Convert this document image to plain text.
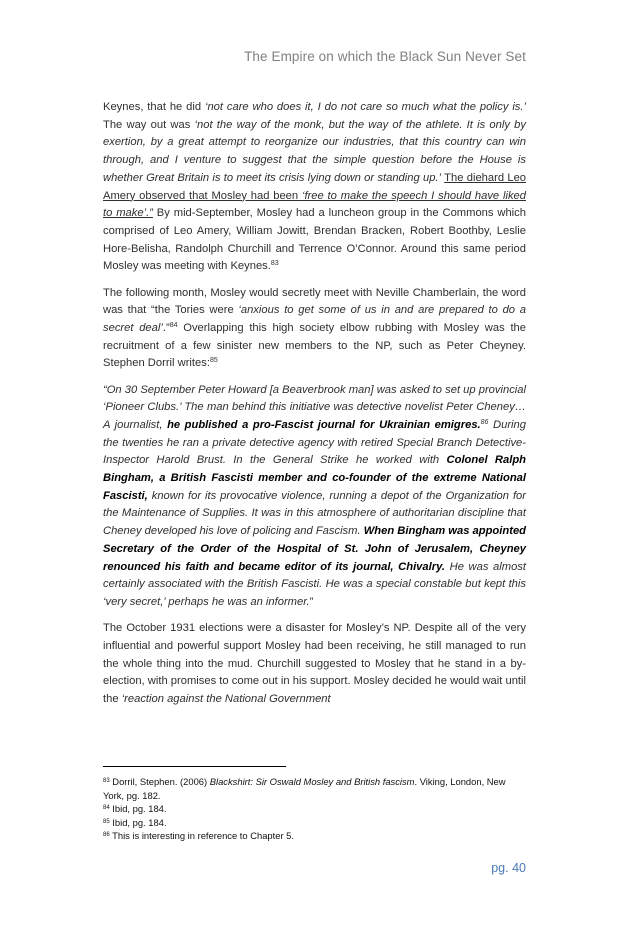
The Empire on which the Black Sun Never Set

Keynes, that he did ‘not care who does it, I do not care so much what the policy is.’ The way out was ‘not the way of the monk, but the way of the athlete. It is only by exertion, by a great attempt to reorganize our industries, that this country can win through, and I venture to suggest that the simple question before the House is whether Great Britain is to meet its crisis lying down or standing up.’ The diehard Leo Amery observed that Mosley had been ‘free to make the speech I should have liked to make’.” By mid-September, Mosley had a luncheon group in the Commons which comprised of Leo Amery, William Jowitt, Brendan Bracken, Robert Boothby, Leslie Hore-Belisha, Randolph Churchill and Terrence O’Connor. Around this same period Mosley was meeting with Keynes.$^{83}$

The following month, Mosley would secretly meet with Neville Chamberlain, the word was that “the Tories were ‘anxious to get some of us in and are prepared to do a secret deal’.”$^{84}$ Overlapping this high society elbow rubbing with Mosley was the recruitment of a few sinister new members to the NP, such as Peter Cheyney. Stephen Dorril writes:$^{85}$

“On 30 September Peter Howard [a Beaverbrook man] was asked to set up provincial ‘Pioneer Clubs.’ The man behind this initiative was detective novelist Peter Cheney…A journalist, he published a pro-Fascist journal for Ukrainian emigres.$^{86}$ During the twenties he ran a private detective agency with retired Special Branch Detective-Inspector Harold Brust. In the General Strike he worked with Colonel Ralph Bingham, a British Fascisti member and co-founder of the extreme National Fascisti, known for its provocative violence, running a depot of the Organization for the Maintenance of Supplies. It was in this atmosphere of authoritarian discipline that Cheney developed his love of policing and Fascism. When Bingham was appointed Secretary of the Order of the Hospital of St. John of Jerusalem, Cheyney renounced his faith and became editor of its journal, Chivalry. He was almost certainly associated with the British Fascisti. He was a special constable but kept this ‘very secret,’ perhaps he was an informer.”

The October 1931 elections were a disaster for Mosley’s NP. Despite all of the very influential and powerful support Mosley had been receiving, he still managed to run the whole thing into the mud. Churchill suggested to Mosley that he stand in a by-election, with promises to come out in his support. Mosley decided he would wait until the ‘reaction against the National Government

$^{83}$ Dorril, Stephen. (2006) Blackshirt: Sir Oswald Mosley and British fascism. Viking, London, New York, pg. 182.

$^{84}$ Ibid, pg. 184.

$^{85}$ Ibid, pg. 184.

$^{86}$ This is interesting in reference to Chapter 5.

pg. 40
